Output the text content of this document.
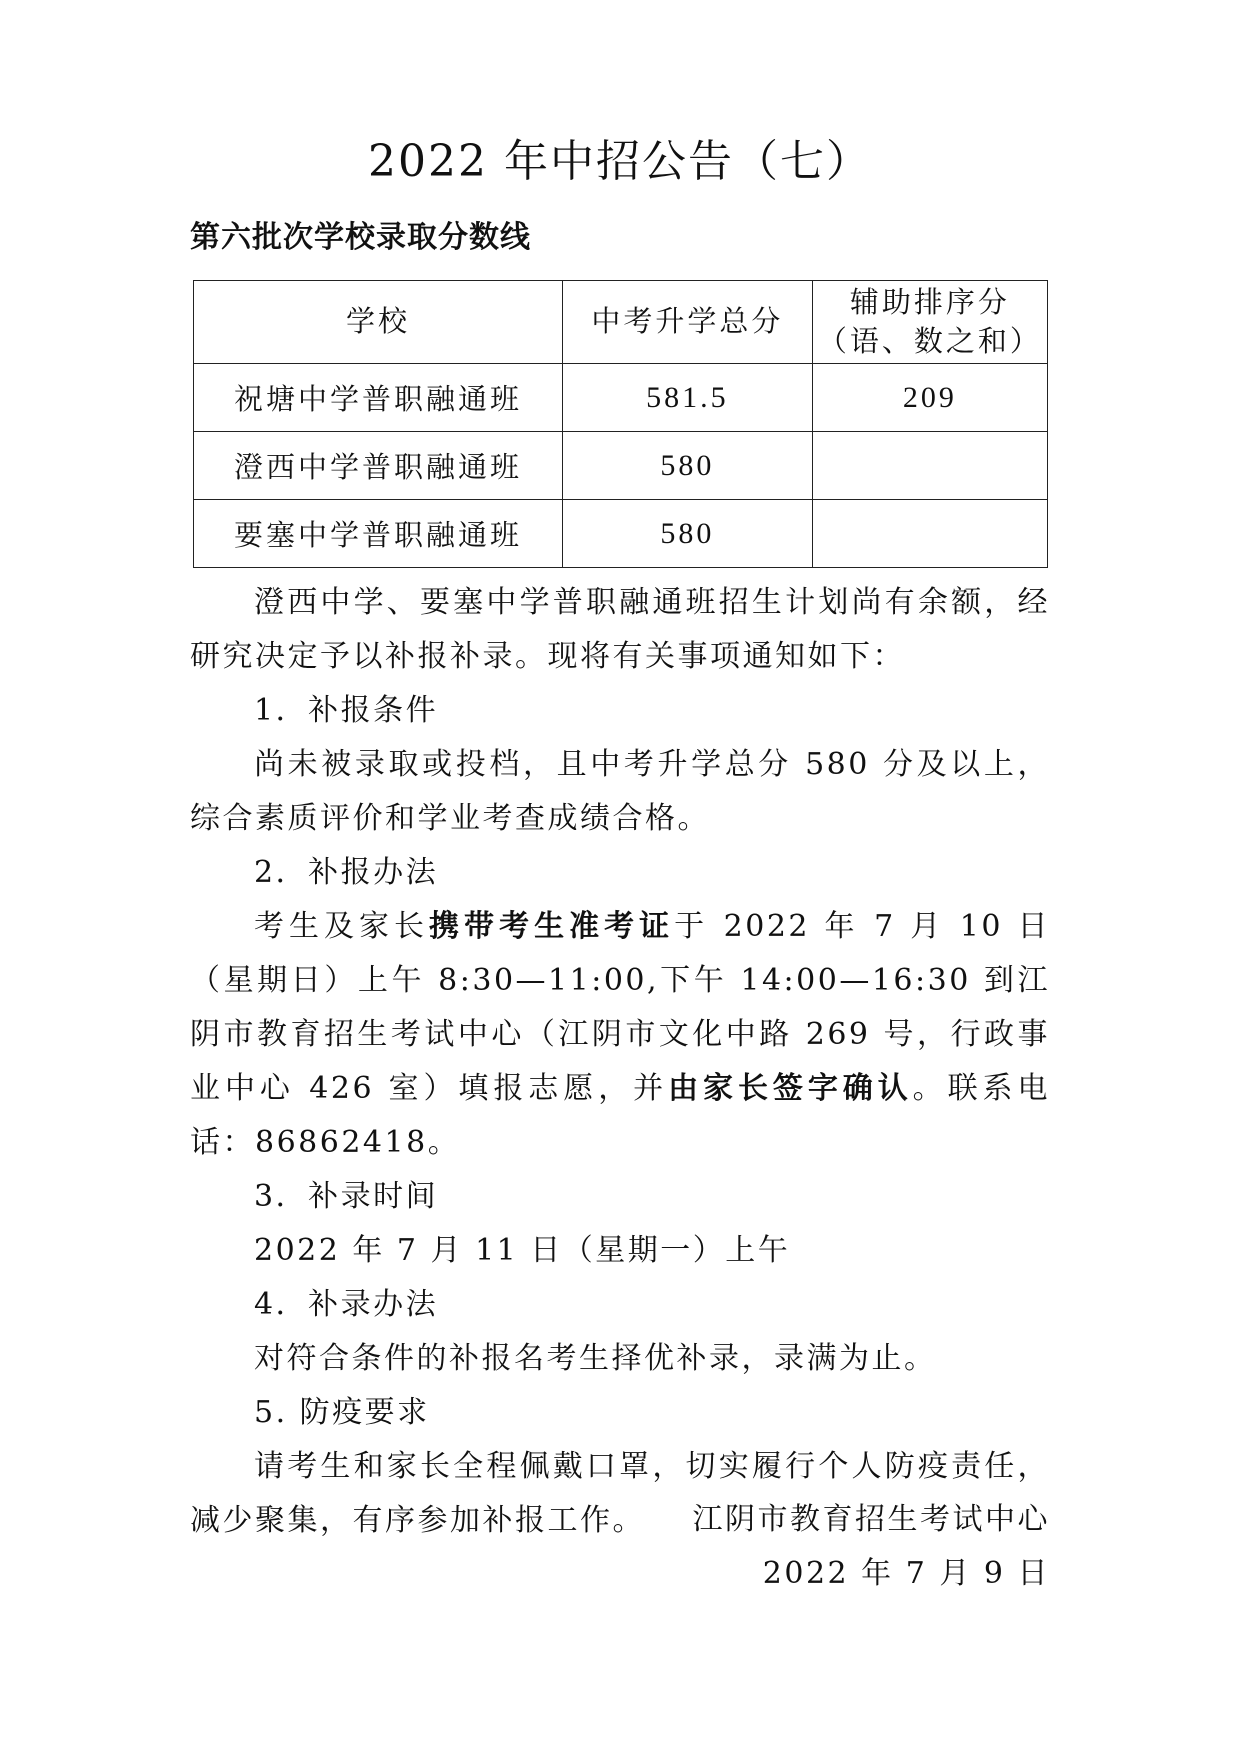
2022 年中招公告（七）
第六批次学校录取分数线
学校	中考升学总分	辅助排序分
（语、数之和）

祝塘中学普职融通班	581.5	209
澄西中学普职融通班	580	
要塞中学普职融通班	580	

澄西中学、要塞中学普职融通班招生计划尚有余额，经研究决定予以补报补录。现将有关事项通知如下：

1．补报条件

尚未被录取或投档，且中考升学总分 580 分及以上，综合素质评价和学业考查成绩合格。

2．补报办法

考生及家长携带考生准考证于 2022 年 7 月 10 日（星期日）上午 8:30—11:00,下午 14:00—16:30 到江阴市教育招生考试中心（江阴市文化中路 269 号，行政事业中心 426 室）填报志愿，并由家长签字确认。联系电话：86862418。

3．补录时间

2022 年 7 月 11 日（星期一）上午

4．补录办法

对符合条件的补报名考生择优补录，录满为止。

5. 防疫要求

请考生和家长全程佩戴口罩，切实履行个人防疫责任，减少聚集，有序参加补报工作。	江阴市教育招生考试中心
2022 年 7 月 9 日
